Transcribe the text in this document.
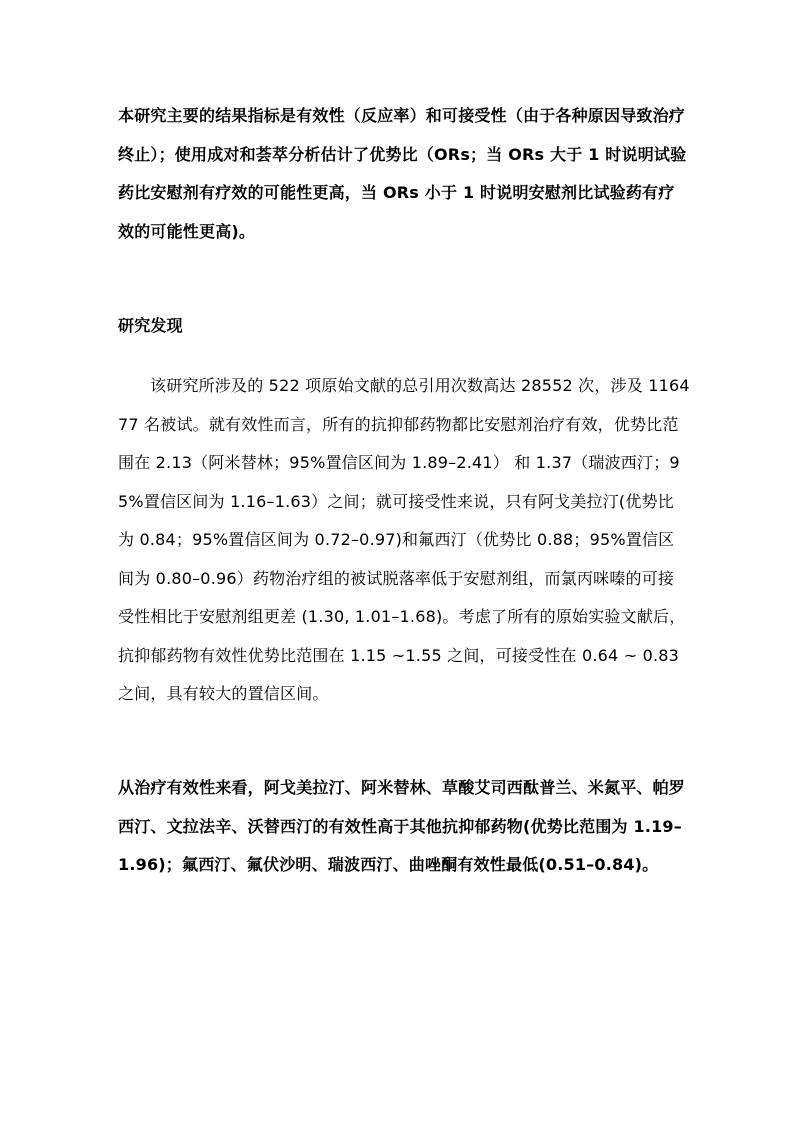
本研究主要的结果指标是有效性（反应率）和可接受性（由于各种原因导致治疗终止）；使用成对和荟萃分析估计了优势比（ORs；当 ORs 大于 1 时说明试验药比安慰剂有疗效的可能性更高，当 ORs 小于 1 时说明安慰剂比试验药有疗效的可能性更高)。

研究发现

该研究所涉及的 522 项原始文献的总引用次数高达 28552 次，涉及 116477 名被试。就有效性而言，所有的抗抑郁药物都比安慰剂治疗有效，优势比范围在 2.13（阿米替林；95%置信区间为 1.89–2.41） 和 1.37（瑞波西汀；95%置信区间为 1.16–1.63）之间；就可接受性来说，只有阿戈美拉汀(优势比为 0.84；95%置信区间为 0.72–0.97)和氟西汀（优势比 0.88；95%置信区间为 0.80–0.96）药物治疗组的被试脱落率低于安慰剂组，而氯丙咪嗪的可接受性相比于安慰剂组更差 (1.30, 1.01–1.68)。考虑了所有的原始实验文献后，抗抑郁药物有效性优势比范围在 1.15 ~1.55 之间，可接受性在 0.64 ~ 0.83 之间，具有较大的置信区间。

从治疗有效性来看，阿戈美拉汀、阿米替林、草酸艾司西酞普兰、米氮平、帕罗西汀、文拉法辛、沃替西汀的有效性高于其他抗抑郁药物(优势比范围为 1.19–1.96)；氟西汀、氟伏沙明、瑞波西汀、曲唑酮有效性最低(0.51–0.84)。
